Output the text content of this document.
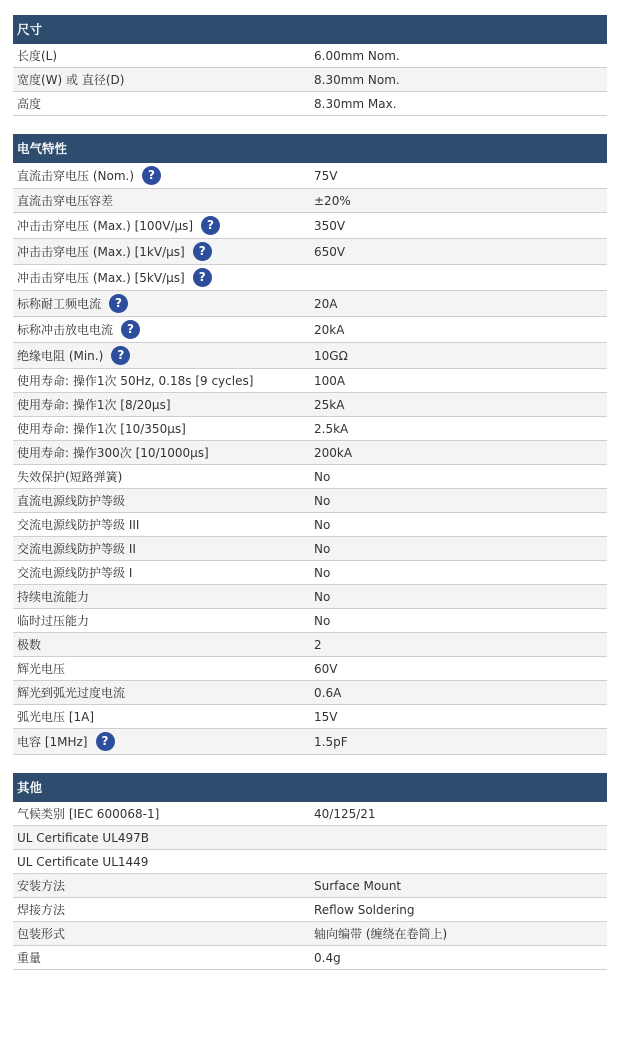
尺寸
长度(L)	6.00mm Nom.
宽度(W) 或 直径(D)	8.30mm Nom.
高度	8.30mm Max.
电气特性
直流击穿电压 (Nom.)	?	75V
直流击穿电压容差	±20%
冲击击穿电压 (Max.) [100V/µs]	?	350V
冲击击穿电压 (Max.) [1kV/µs]	?	650V
冲击击穿电压 (Max.) [5kV/µs]	?
标称耐工频电流	?	20A
标称冲击放电电流	?	20kA
绝缘电阻 (Min.)	?	10GΩ
使用寿命: 操作1次 50Hz, 0.18s [9 cycles]	100A
使用寿命: 操作1次 [8/20µs]	25kA
使用寿命: 操作1次 [10/350µs]	2.5kA
使用寿命: 操作300次 [10/1000µs]	200kA
失效保护(短路弹簧)	No
直流电源线防护等级	No
交流电源线防护等级 III	No
交流电源线防护等级 II	No
交流电源线防护等级 I	No
持续电流能力	No
临时过压能力	No
极数	2
辉光电压	60V
辉光到弧光过度电流	0.6A
弧光电压 [1A]	15V
电容 [1MHz]	?	1.5pF
其他
气候类别 [IEC 600068-1]	40/125/21
UL Certificate UL497B
UL Certificate UL1449
安装方法	Surface Mount
焊接方法	Reflow Soldering
包装形式	轴向编带 (缠绕在卷筒上)
重量	0.4g
